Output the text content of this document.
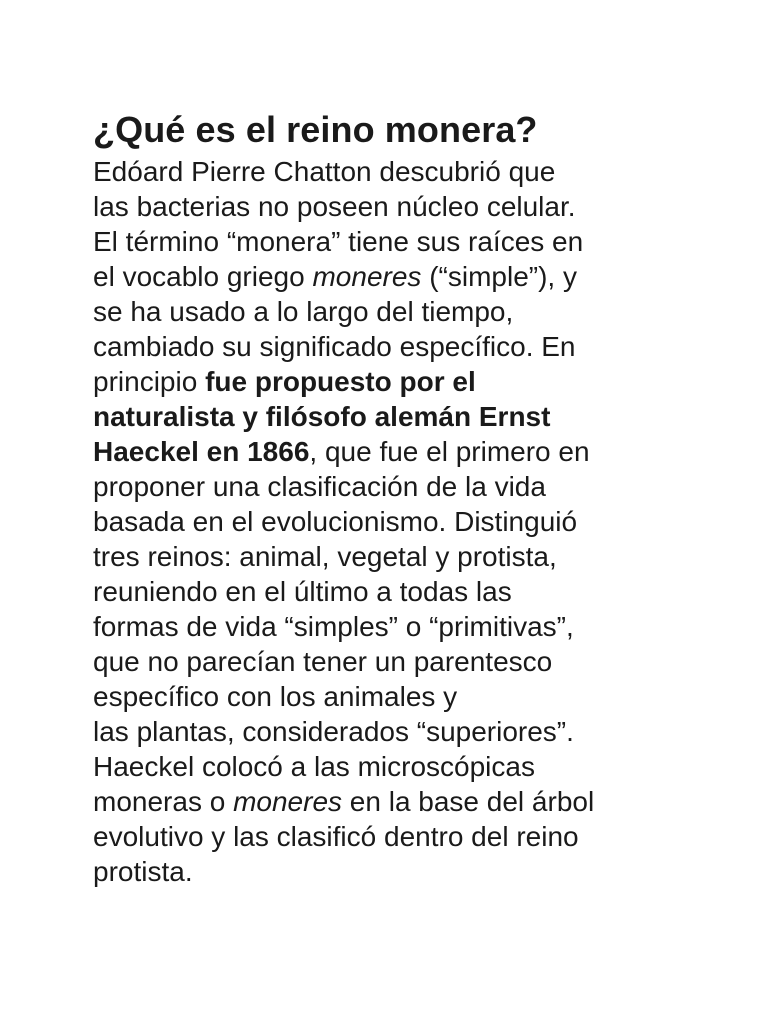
¿Qué es el reino monera?

Edóard Pierre Chatton descubrió que
las bacterias no poseen núcleo celular.
El término “monera” tiene sus raíces en
el vocablo griego moneres (“simple”), y
se ha usado a lo largo del tiempo,
cambiado su significado específico. En
principio fue propuesto por el
naturalista y filósofo alemán Ernst
Haeckel en 1866, que fue el primero en
proponer una clasificación de la vida
basada en el evolucionismo. Distinguió
tres reinos: animal, vegetal y protista,
reuniendo en el último a todas las
formas de vida “simples” o “primitivas”,
que no parecían tener un parentesco
específico con los animales y
las plantas, considerados “superiores”.
Haeckel colocó a las microscópicas
moneras o moneres en la base del árbol
evolutivo y las clasificó dentro del reino
protista.
